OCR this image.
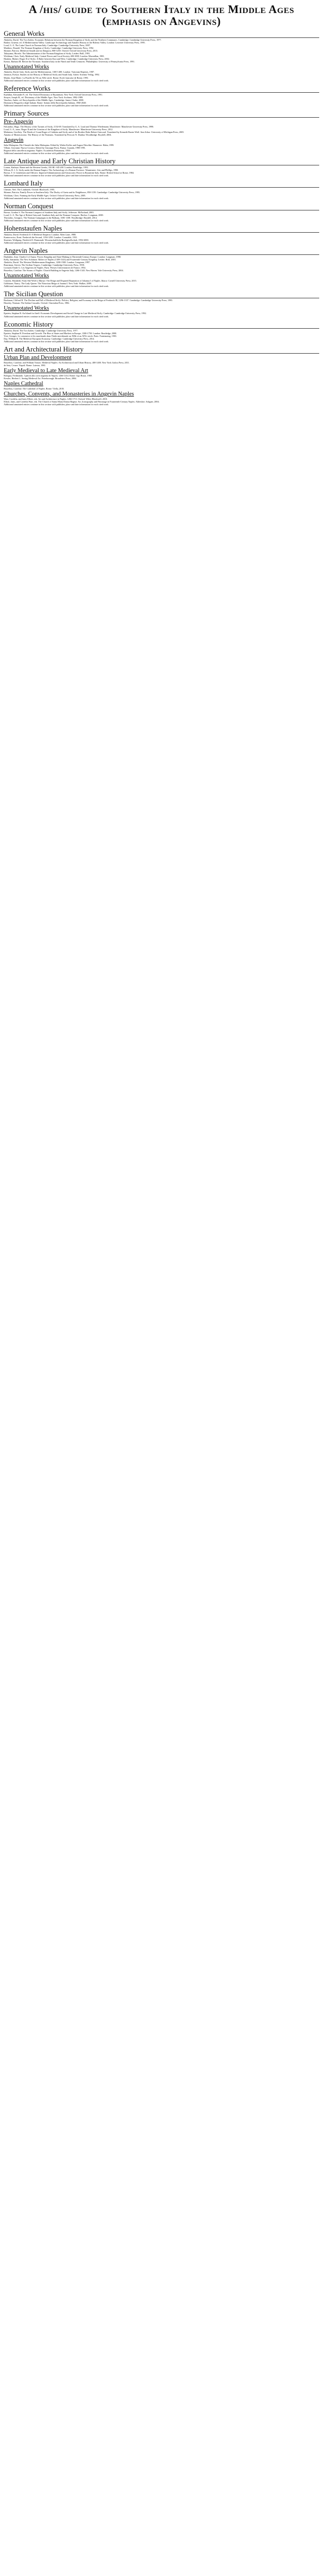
A /his/ guide to Southern Italy in the Middle Ages (emphasis on Angevins)
General Works
Abulafia, David. The Two Italies: Economic Relations between the Norman Kingdom of Sicily and the Northern Communes. Cambridge: Cambridge University Press, 1977.
Barker, Graeme, ed. A Mediterranean Valley: Landscape Archaeology and Annales History in the Biferno Valley. London: Leicester University Press, 1995.
Loud, G. A. The Latin Church in Norman Italy. Cambridge: Cambridge University Press, 2007.
Matthew, Donald. The Norman Kingdom of Sicily. Cambridge: Cambridge University Press, 1992.
Skinner, Patricia. Medieval Amalfi and its Diaspora, 800-1250. Oxford: Oxford University Press, 2013.
Takayama, Hiroshi. The Administration of the Norman Kingdom of Sicily. Leiden: Brill, 1993.
Wickham, Chris. Early Medieval Italy: Central Power and Local Society 400-1000. London: Macmillan, 1981.
Houben, Hubert. Roger II of Sicily: A Ruler between East and West. Cambridge: Cambridge University Press, 2002.
Kreutz, Barbara M. Before the Normans: Southern Italy in the Ninth and Tenth Centuries. Philadelphia: University of Pennsylvania Press, 1991.
Unannotated Works
Abulafia, David. Italy, Sicily and the Mediterranean, 1100-1400. London: Variorum Reprints, 1987.
Jamison, Evelyn. Studies on the History of Medieval Sicily and South Italy. Aalen: Scientia Verlag, 1992.
Martin, Jean-Marie. La Pouille du VIe au XIIe siecle. Rome: Ecole francaise de Rome, 1993.

Additional annotated entries continue in this section with publisher, place and date information for each cited work.

Reference Works
Kazhdan, Alexander P., ed. The Oxford Dictionary of Byzantium. New York: Oxford University Press, 1991.
Strayer, Joseph R., ed. Dictionary of the Middle Ages. New York: Scribner, 1982-1989.
Vauchez, Andre, ed. Encyclopedia of the Middle Ages. Cambridge: James Clarke, 2000.
Dizionario Biografico degli Italiani. Rome: Istituto della Enciclopedia Italiana, 1960-2020.

Additional annotated entries continue in this section with publisher, place and date information for each cited work.

Primary Sources
Pre-Angevin
Falcandus, Hugo. The History of the Tyrants of Sicily, 1154-69. Translated by G. A. Loud and Thomas Wiedemann. Manchester: Manchester University Press, 1998.
Loud, G. A., trans. Roger II and the Creation of the Kingdom of Sicily. Manchester: Manchester University Press, 2012.
Malaterra, Geoffrey. The Deeds of Count Roger of Calabria and Sicily and of his Brother Duke Robert Guiscard. Translated by Kenneth Baxter Wolf. Ann Arbor: University of Michigan Press, 2005.
Amatus of Montecassino. The History of the Normans. Translated by Prescott N. Dunbar. Woodbridge: Boydell, 2004.
Angevin
Saba Malaspina. Die Chronik des Saba Malaspina. Edited by Walter Koller and August Nitschke. Hannover: Hahn, 1999.
Villani, Giovanni. Nuova Cronica. Edited by Giuseppe Porta. Parma: Guanda, 1990-1991.
Registri della cancelleria angioina. Naples: Accademia Pontaniana, 1950-.

Additional annotated entries continue in this section with publisher, place and date information for each cited work.

Late Antique and Early Christian History
Lomas, Kathryn. Rome and the Western Greeks, 350 BC-AD 200. London: Routledge, 1993.
Wilson, R. J. A. Sicily under the Roman Empire: The Archaeology of a Roman Province. Warminster: Aris and Phillips, 1990.
Brown, T. S. Gentlemen and Officers: Imperial Administration and Aristocratic Power in Byzantine Italy. Rome: British School at Rome, 1984.

Additional annotated entries continue in this section with publisher, place and date information for each cited work.

Lombard Italy
Christie, Neil. The Lombards. Oxford: Blackwell, 1995.
Skinner, Patricia. Family Power in Southern Italy: The Duchy of Gaeta and its Neighbours, 850-1139. Cambridge: Cambridge University Press, 1995.
Wickham, Chris. Framing the Early Middle Ages. Oxford: Oxford University Press, 2005.

Additional annotated entries continue in this section with publisher, place and date information for each cited work.

Norman Conquest
Brown, Gordon S. The Norman Conquest of Southern Italy and Sicily. Jefferson: McFarland, 2003.
Loud, G. A. The Age of Robert Guiscard: Southern Italy and the Norman Conquest. Harlow: Longman, 2000.
Theotokis, Georgios. The Norman Campaigns in the Balkans, 1081-1108. Woodbridge: Boydell, 2014.

Additional annotated entries continue in this section with publisher, place and date information for each cited work.

Hohenstaufen Naples
Abulafia, David. Frederick II: A Medieval Emperor. London: Allen Lane, 1988.
Kantorowicz, Ernst. Frederick the Second, 1194-1250. London: Constable, 1931.
Stuerner, Wolfgang. Friedrich II. Darmstadt: Wissenschaftliche Buchgesellschaft, 1992-2000.

Additional annotated entries continue in this section with publisher, place and date information for each cited work.

Angevin Naples
Dunbabin, Jean. Charles I of Anjou: Power, Kingship and State-Making in Thirteenth-Century Europe. London: Longman, 1998.
Kelly, Samantha. The New Solomon: Robert of Naples (1309-1343) and Fourteenth-Century Kingship. Leiden: Brill, 2003.
Abulafia, David. The Western Mediterranean Kingdoms, 1200-1500. London: Longman, 1997.
Runciman, Steven. The Sicilian Vespers. Cambridge: Cambridge University Press, 1958.
Leonard, Emile G. Les Angevins de Naples. Paris: Presses Universitaires de France, 1954.
Bruzelius, Caroline. The Stones of Naples: Church Building in Angevin Italy, 1266-1343. New Haven: Yale University Press, 2004.
Unannotated Works
Casteen, Elizabeth. From She-Wolf to Martyr: The Reign and Disputed Reputation of Johanna I of Naples. Ithaca: Cornell University Press, 2015.
Goldstone, Nancy. The Lady Queen: The Notorious Reign of Joanna I. New York: Walker, 2009.

Additional annotated entries continue in this section with publisher, place and date information for each cited work.

The Sicilian Question
Backman, Clifford R. The Decline and Fall of Medieval Sicily: Politics, Religion, and Economy in the Reign of Frederick III, 1296-1337. Cambridge: Cambridge University Press, 1995.
Housley, Norman. The Italian Crusades. Oxford: Clarendon Press, 1982.
Unannotated Works
Epstein, Stephan R. An Island for Itself: Economic Development and Social Change in Late Medieval Sicily. Cambridge: Cambridge University Press, 1992.

Additional annotated entries continue in this section with publisher, place and date information for each cited work.

Economic History
Abulafia, David. The Two Italies. Cambridge: Cambridge University Press, 1977.
Epstein, Stephan R. Freedom and Growth: The Rise of States and Markets in Europe, 1300-1750. London: Routledge, 2000.
Yver, Georges. Le commerce et les marchands dans l'Italie meridionale au XIIIe et au XIVe siecle. Paris: Fontemoing, 1903.
Day, William R. The Medieval European Economy. Cambridge: Cambridge University Press, 2014.

Additional annotated entries continue in this section with publisher, place and date information for each cited work.

Art and Architectural History
Urban Plan and Development
Bruzelius, Caroline, and William Tronzo. Medieval Naples: An Architectural and Urban History, 400-1400. New York: Italica Press, 2011.
de Seta, Cesare. Napoli. Rome: Laterza, 1981.
Early Medieval to Late Medieval Art
Bologna, Ferdinando. I pittori alla corte angioina di Napoli, 1266-1414. Rome: Ugo Bozzi, 1969.
Kessler, Herbert L. Seeing Medieval Art. Peterborough: Broadview Press, 2004.
Naples Cathedral
Bruzelius, Caroline. The Cathedral of Naples. Rome: Viella, 2018.
Churches, Convents, and Monasteries in Angevin Naples
Warr, Cordelia, and Janis Elliott, eds. Art and Architecture in Naples, 1266-1713. Oxford: Wiley-Blackwell, 2010.
Elliott, Janis, and Cordelia Warr, eds. The Church of Santa Maria Donna Regina: Art, Iconography and Patronage in Fourteenth-Century Naples. Aldershot: Ashgate, 2004.

Additional annotated entries continue in this section with publisher, place and date information for each cited work.
